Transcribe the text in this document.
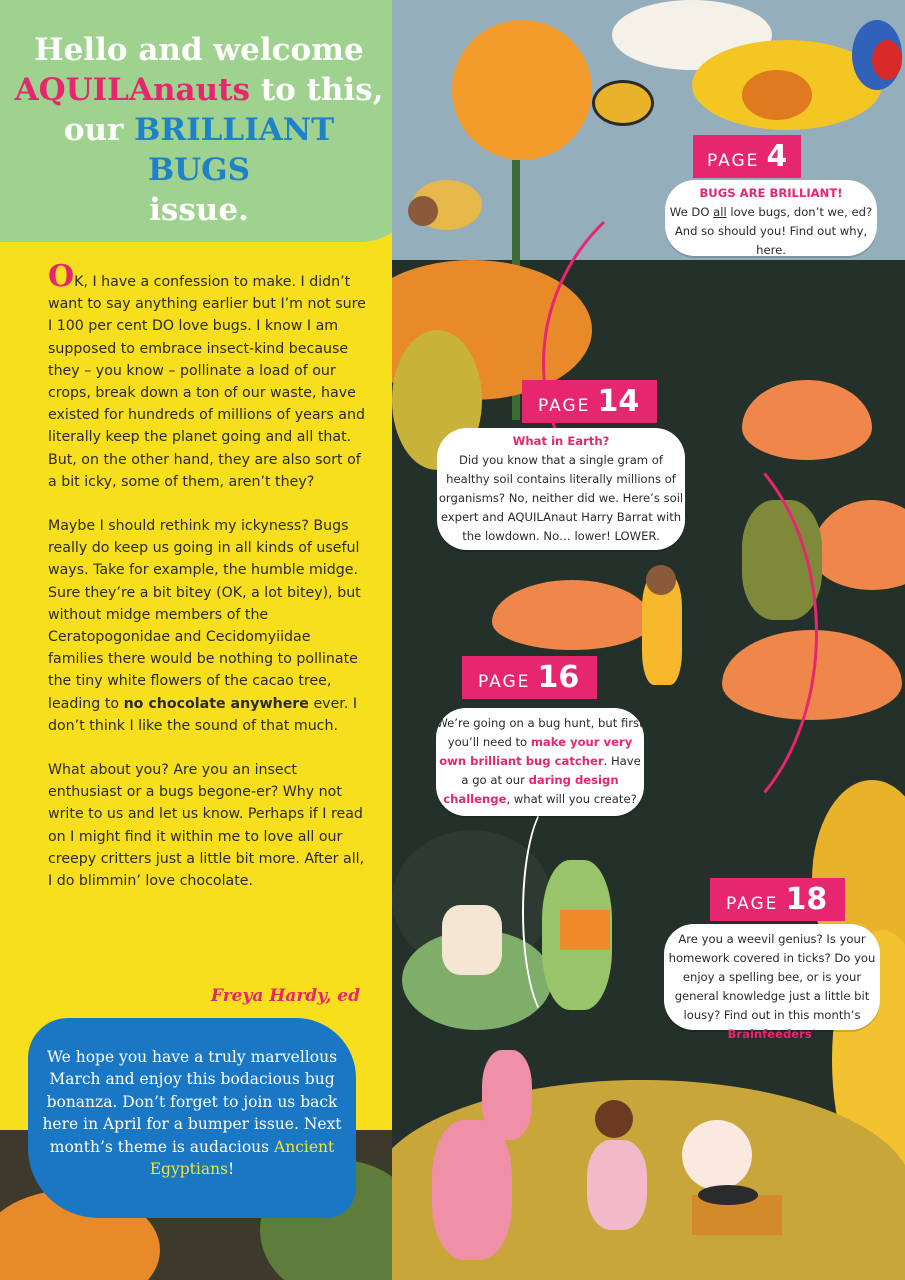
Hello and welcome
AQUILAnauts to this,
our BRILLIANT BUGS
issue.

OK, I have a confession to make. I didn’t want to say anything earlier but I’m not sure I 100 per cent DO love bugs. I know I am supposed to embrace insect-kind because they – you know – pollinate a load of our crops, break down a ton of our waste, have existed for hundreds of millions of years and literally keep the planet going and all that. But, on the other hand, they are also sort of a bit icky, some of them, aren’t they?

Maybe I should rethink my ickyness? Bugs really do keep us going in all kinds of useful ways. Take for example, the humble midge. Sure they’re a bit bitey (OK, a lot bitey), but without midge members of the Ceratopogonidae and Cecidomyiidae families there would be nothing to pollinate the tiny white flowers of the cacao tree, leading to no chocolate anywhere ever. I don’t think I like the sound of that much.

What about you? Are you an insect enthusiast or a bugs begone-er? Why not write to us and let us know. Perhaps if I read on I might find it within me to love all our creepy critters just a little bit more. After all, I do blimmin’ love chocolate.

Freya Hardy, ed
We hope you have a truly marvellous March and enjoy this bodacious bug bonanza. Don’t forget to join us back here in April for a bumper issue. Next month’s theme is audacious Ancient Egyptians!
PAGE 4
BUGS ARE BRILLIANT!
We DO all love bugs, don’t we, ed? And so should you! Find out why, here.
PAGE 14
What in Earth?
Did you know that a single gram of healthy soil contains literally millions of organisms? No, neither did we. Here’s soil expert and AQUILAnaut Harry Barrat with the lowdown. No… lower! LOWER.
PAGE 16
We’re going on a bug hunt, but first you’ll need to make your very own brilliant bug catcher. Have a go at our daring design challenge, what will you create?
PAGE 18
Are you a weevil genius? Is your homework covered in ticks? Do you enjoy a spelling bee, or is your general knowledge just a little bit lousy? Find out in this month’s Brainfeeders!
